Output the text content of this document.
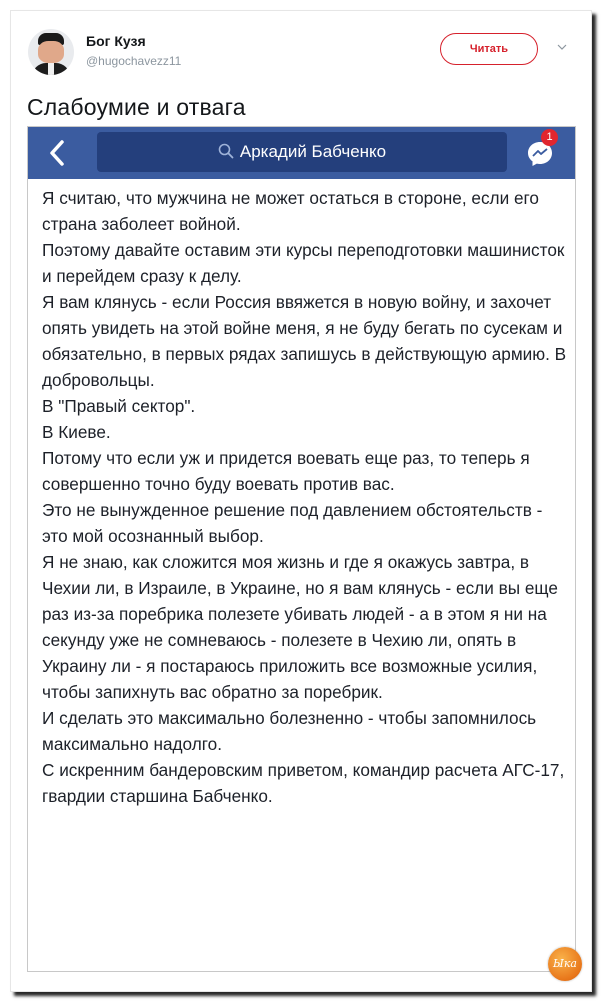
Бог Кузя
@hugochavezz11
Читать
Слабоумие и отвага
Аркадий Бабченко
1

Я считаю, что мужчина не может остаться в стороне, если его страна заболеет войной.

Поэтому давайте оставим эти курсы переподготовки машинисток и перейдем сразу к делу.

Я вам клянусь - если Россия ввяжется в новую войну, и захочет опять увидеть на этой войне меня, я не буду бегать по сусекам и обязательно, в первых рядах запишусь в действующую армию. В добровольцы.

В "Правый сектор".

В Киеве.

Потому что если уж и придется воевать еще раз, то теперь я совершенно точно буду воевать против вас.

Это не вынужденное решение под давлением обстоятельств - это мой осознанный выбор.

Я не знаю, как сложится моя жизнь и где я окажусь завтра, в Чехии ли, в Израиле, в Украине, но я вам клянусь - если вы еще раз из-за поребрика полезете убивать людей - а в этом я ни на секунду уже не сомневаюсь - полезете в Чехию ли, опять в Украину ли - я постараюсь приложить все возможные усилия, чтобы запихнуть вас обратно за поребрик.

И сделать это максимально болезненно - чтобы запомнилось максимально надолго.

С искренним бандеровским приветом, командир расчета АГС-17, гвардии старшина Бабченко.

Ыка
